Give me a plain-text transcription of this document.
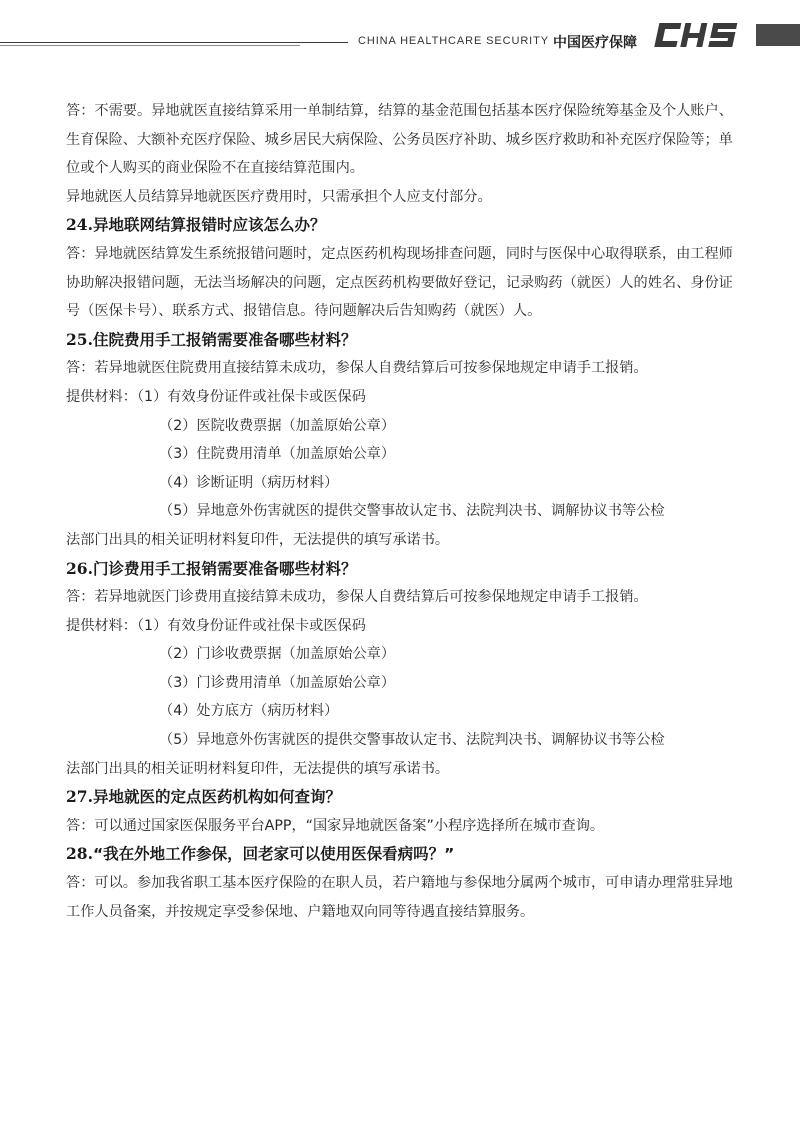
CHINA HEALTHCARE SECURITY 中国医疗保障

答：不需要。异地就医直接结算采用一单制结算，结算的基金范围包括基本医疗保险统筹基金及个人账户、生育保险、大额补充医疗保险、城乡居民大病保险、公务员医疗补助、城乡医疗救助和补充医疗保险等；单位或个人购买的商业保险不在直接结算范围内。

异地就医人员结算异地就医医疗费用时，只需承担个人应支付部分。

24.异地联网结算报错时应该怎么办？

答：异地就医结算发生系统报错问题时，定点医药机构现场排查问题，同时与医保中心取得联系，由工程师协助解决报错问题，无法当场解决的问题，定点医药机构要做好登记，记录购药（就医）人的姓名、身份证号（医保卡号）、联系方式、报错信息。待问题解决后告知购药（就医）人。

25.住院费用手工报销需要准备哪些材料？

答：若异地就医住院费用直接结算未成功，参保人自费结算后可按参保地规定申请手工报销。

提供材料：（1）有效身份证件或社保卡或医保码

（2）医院收费票据（加盖原始公章）

（3）住院费用清单（加盖原始公章）

（4）诊断证明（病历材料）

（5）异地意外伤害就医的提供交警事故认定书、法院判决书、调解协议书等公检

法部门出具的相关证明材料复印件，无法提供的填写承诺书。

26.门诊费用手工报销需要准备哪些材料？

答：若异地就医门诊费用直接结算未成功，参保人自费结算后可按参保地规定申请手工报销。

提供材料：（1）有效身份证件或社保卡或医保码

（2）门诊收费票据（加盖原始公章）

（3）门诊费用清单（加盖原始公章）

（4）处方底方（病历材料）

（5）异地意外伤害就医的提供交警事故认定书、法院判决书、调解协议书等公检

法部门出具的相关证明材料复印件，无法提供的填写承诺书。

27.异地就医的定点医药机构如何查询？

答：可以通过国家医保服务平台APP，“国家异地就医备案”小程序选择所在城市查询。

28.“我在外地工作参保，回老家可以使用医保看病吗？”

答：可以。参加我省职工基本医疗保险的在职人员，若户籍地与参保地分属两个城市，可申请办理常驻异地工作人员备案，并按规定享受参保地、户籍地双向同等待遇直接结算服务。
